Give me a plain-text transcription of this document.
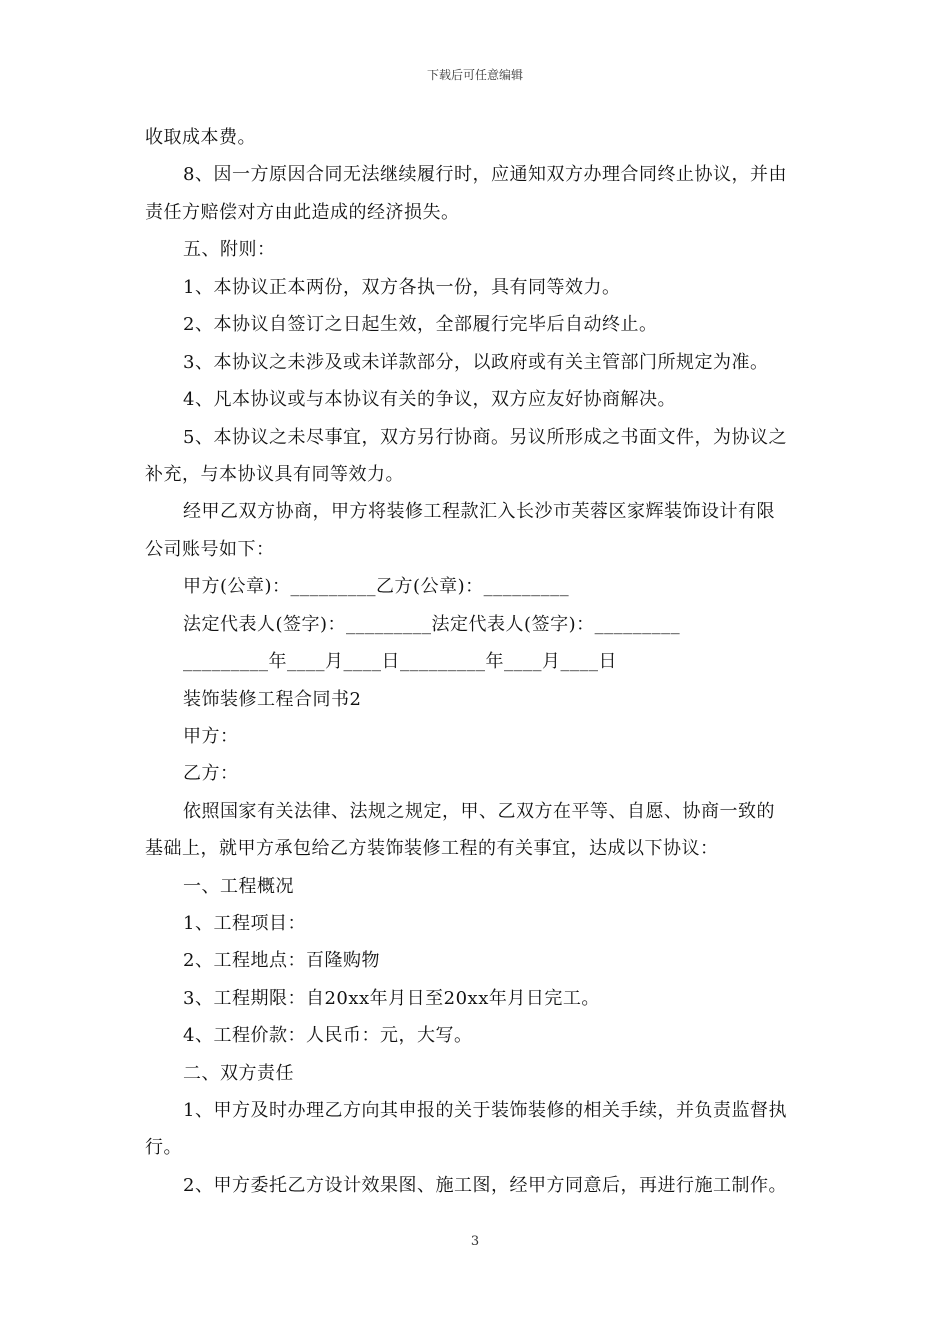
下载后可任意编辑
收取成本费。
8、因一方原因合同无法继续履行时，应通知双方办理合同终止协议，并由
责任方赔偿对方由此造成的经济损失。
五、附则：
1、本协议正本两份，双方各执一份，具有同等效力。
2、本协议自签订之日起生效，全部履行完毕后自动终止。
3、本协议之未涉及或未详款部分，以政府或有关主管部门所规定为准。
4、凡本协议或与本协议有关的争议，双方应友好协商解决。
5、本协议之未尽事宜，双方另行协商。另议所形成之书面文件，为协议之
补充，与本协议具有同等效力。
经甲乙双方协商，甲方将装修工程款汇入长沙市芙蓉区家辉装饰设计有限
公司账号如下：
甲方(公章)：_________乙方(公章)：_________
法定代表人(签字)：_________法定代表人(签字)：_________
_________年____月____日_________年____月____日
装饰装修工程合同书2
甲方：
乙方：
依照国家有关法律、法规之规定，甲、乙双方在平等、自愿、协商一致的
基础上，就甲方承包给乙方装饰装修工程的有关事宜，达成以下协议：
一、工程概况
1、工程项目：
2、工程地点：百隆购物
3、工程期限：自20xx年月日至20xx年月日完工。
4、工程价款：人民币：元，大写。
二、双方责任
1、甲方及时办理乙方向其申报的关于装饰装修的相关手续，并负责监督执
行。
2、甲方委托乙方设计效果图、施工图，经甲方同意后，再进行施工制作。
3
